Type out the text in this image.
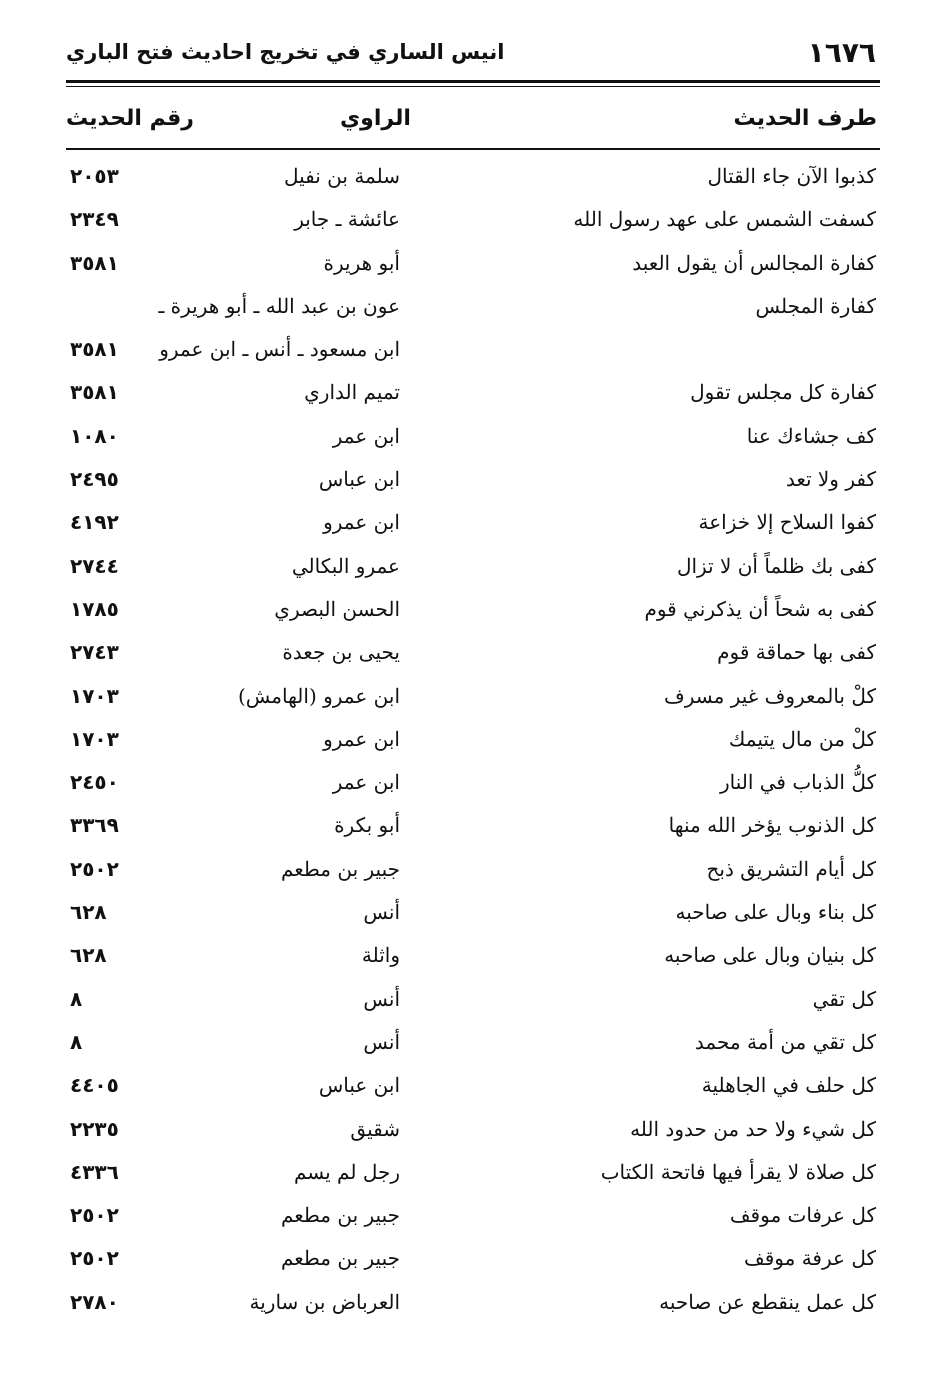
١٦٧٦
انيس الساري في تخريج احاديث فتح الباري
طرف الحديث
الراوي
رقم الحديث
كذبوا الآن جاء القتال
سلمة بن نفيل
٢٠٥٣
كسفت الشمس على عهد رسول الله
عائشة ـ جابر
٢٣٤٩
كفارة المجالس أن يقول العبد
أبو هريرة
٣٥٨١
كفارة المجلس
عون بن عبد الله ـ أبو هريرة ـ
ابن مسعود ـ أنس ـ ابن عمرو
٣٥٨١
كفارة كل مجلس تقول
تميم الداري
٣٥٨١
كف جشاءك عنا
ابن عمر
١٠٨٠
كفر ولا تعد
ابن عباس
٢٤٩٥
كفوا السلاح إلا خزاعة
ابن عمرو
٤١٩٢
كفى بك ظلماً أن لا تزال
عمرو البكالي
٢٧٤٤
كفى به شحاً أن يذكرني قوم
الحسن البصري
١٧٨٥
كفى بها حماقة قوم
يحيى بن جعدة
٢٧٤٣
كلْ بالمعروف غير مسرف
ابن عمرو (الهامش)
١٧٠٣
كلْ من مال يتيمك
ابن عمرو
١٧٠٣
كلُّ الذباب في النار
ابن عمر
٢٤٥٠
كل الذنوب يؤخر الله منها
أبو بكرة
٣٣٦٩
كل أيام التشريق ذبح
جبير بن مطعم
٢٥٠٢
كل بناء وبال على صاحبه
أنس
٦٢٨
كل بنيان وبال على صاحبه
واثلة
٦٢٨
كل تقي
أنس
٨
كل تقي من أمة محمد
أنس
٨
كل حلف في الجاهلية
ابن عباس
٤٤٠٥
كل شيء ولا حد من حدود الله
شقيق
٢٢٣٥
كل صلاة لا يقرأ فيها فاتحة الكتاب
رجل لم يسم
٤٣٣٦
كل عرفات موقف
جبير بن مطعم
٢٥٠٢
كل عرفة موقف
جبير بن مطعم
٢٥٠٢
كل عمل ينقطع عن صاحبه
العرباض بن سارية
٢٧٨٠
